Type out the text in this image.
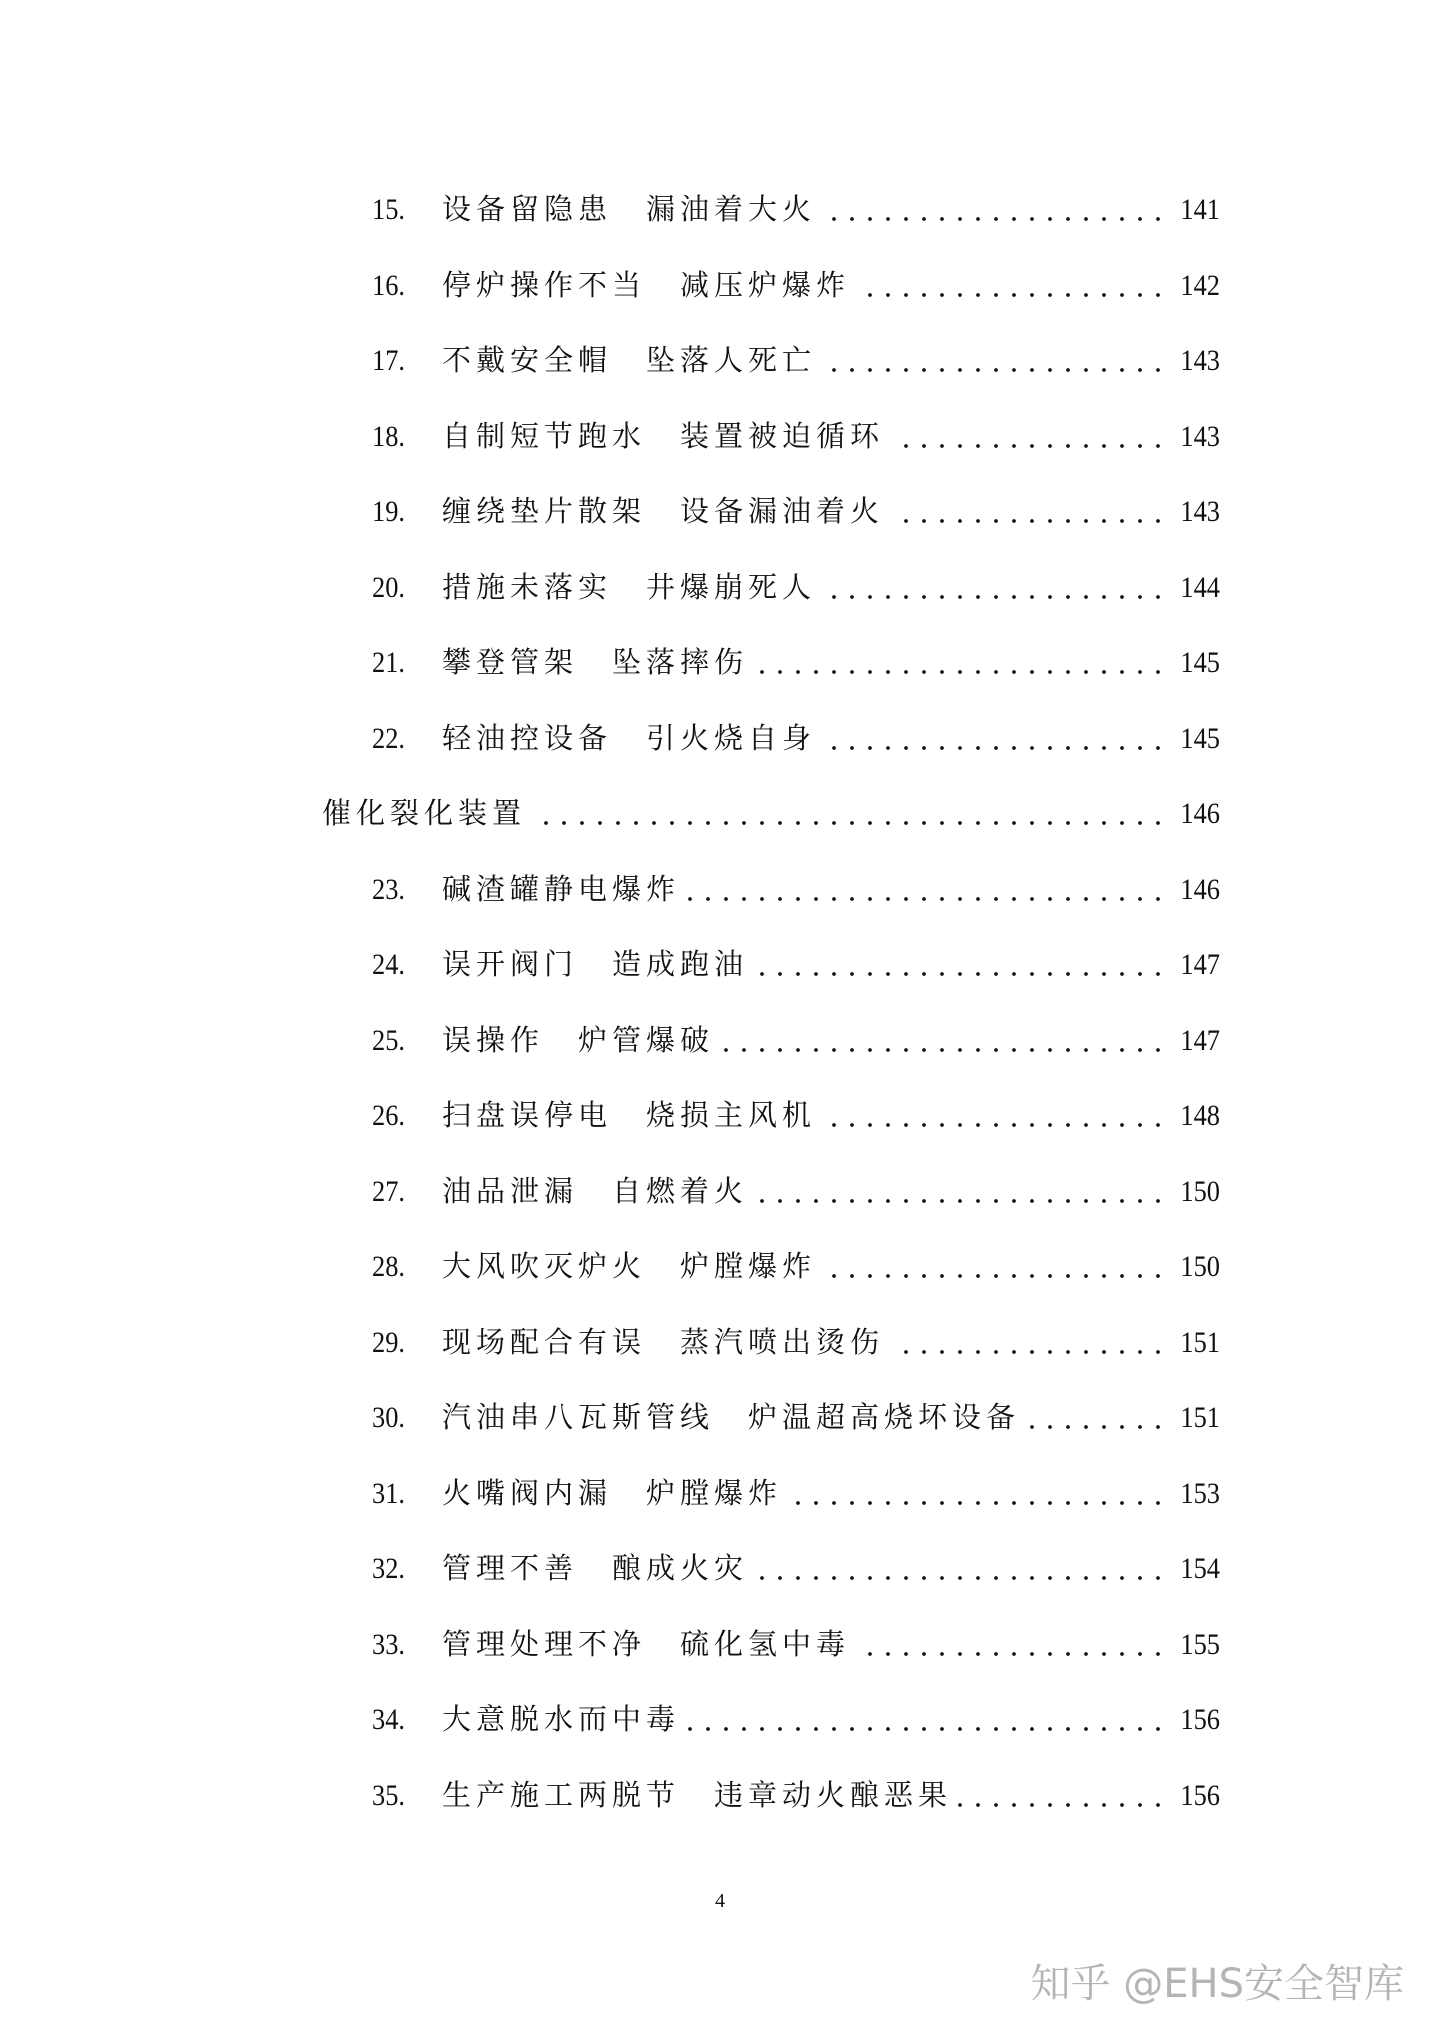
15.	设备留隐患　漏油着大火	141
16.	停炉操作不当　减压炉爆炸	142
17.	不戴安全帽　坠落人死亡	143
18.	自制短节跑水　装置被迫循环	143
19.	缠绕垫片散架　设备漏油着火	143
20.	措施未落实　井爆崩死人	144
21.	攀登管架　坠落摔伤	145
22.	轻油控设备　引火烧自身	145
催化裂化装置	146
23.	碱渣罐静电爆炸	146
24.	误开阀门　造成跑油	147
25.	误操作　炉管爆破	147
26.	扫盘误停电　烧损主风机	148
27.	油品泄漏　自燃着火	150
28.	大风吹灭炉火　炉膛爆炸	150
29.	现场配合有误　蒸汽喷出烫伤	151
30.	汽油串八瓦斯管线　炉温超高烧坏设备	151
31.	火嘴阀内漏　炉膛爆炸	153
32.	管理不善　酿成火灾	154
33.	管理处理不净　硫化氢中毒	155
34.	大意脱水而中毒	156
35.	生产施工两脱节　违章动火酿恶果	156
4
知乎 @EHS安全智库
